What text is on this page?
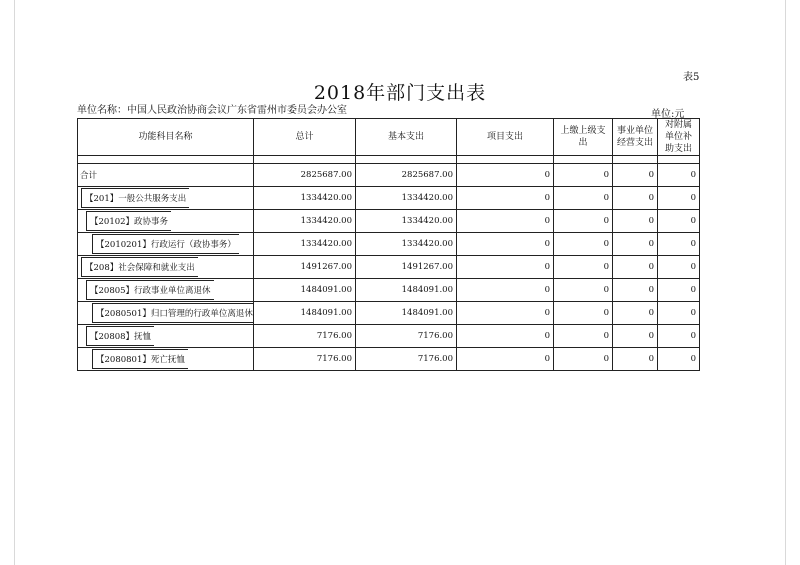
表5
2018年部门支出表
单位名称：中国人民政治协商会议广东省雷州市委员会办公室	单位:元
功能科目名称	总计	基本支出	项目支出	上缴上级支出	事业单位经营支出	对附属单位补助支出

合计	2825687.00	2825687.00	0	0	0	0
【201】一般公共服务支出	1334420.00	1334420.00	0	0	0	0
【20102】政协事务	1334420.00	1334420.00	0	0	0	0
【2010201】行政运行（政协事务）	1334420.00	1334420.00	0	0	0	0
【208】社会保障和就业支出	1491267.00	1491267.00	0	0	0	0
【20805】行政事业单位离退休	1484091.00	1484091.00	0	0	0	0
【2080501】归口管理的行政单位离退休	1484091.00	1484091.00	0	0	0	0
【20808】抚恤	7176.00	7176.00	0	0	0	0
【2080801】死亡抚恤	7176.00	7176.00	0	0	0	0
